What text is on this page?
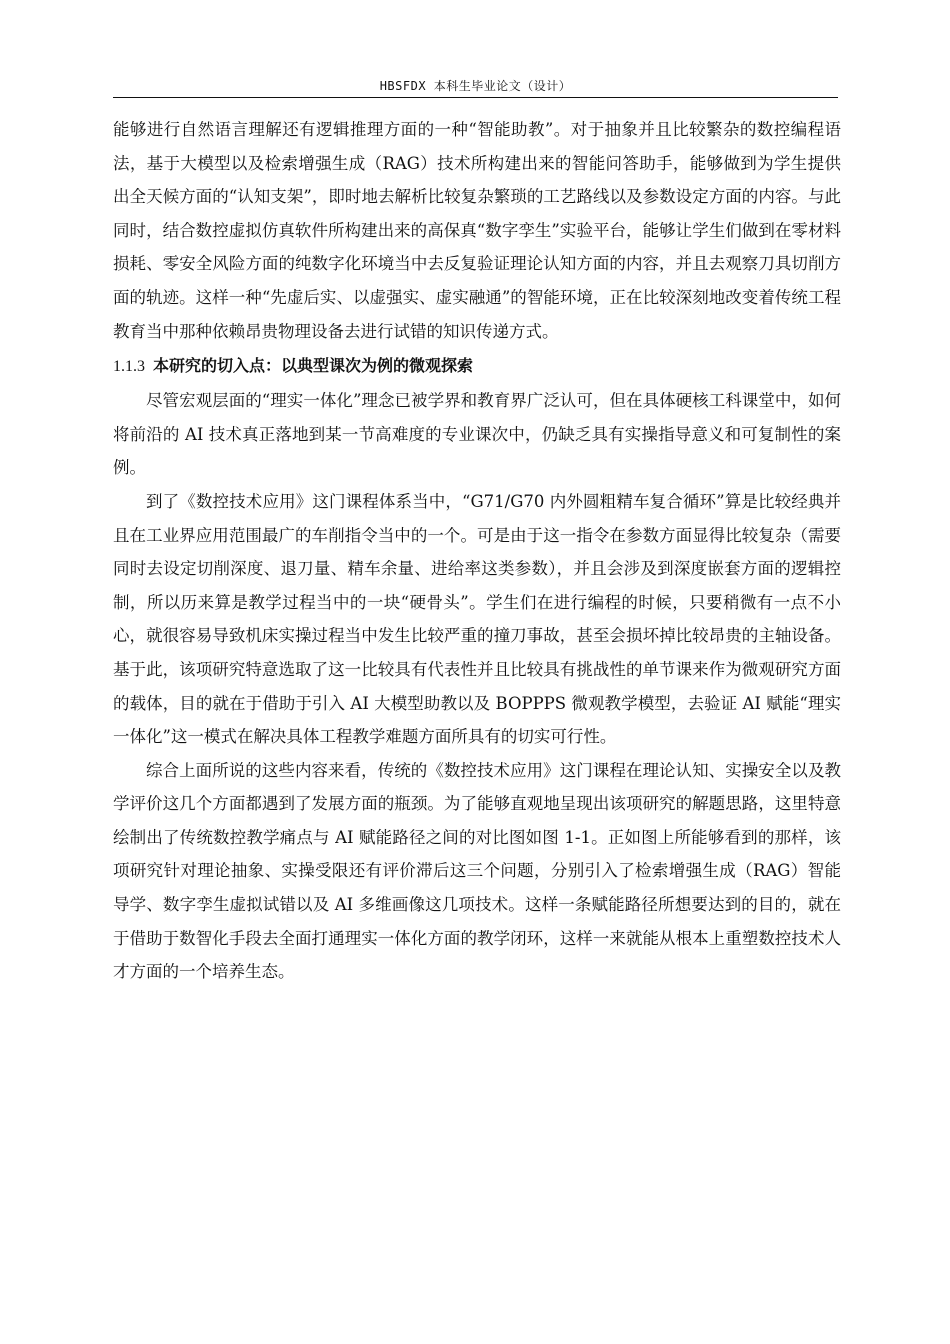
HBSFDX 本科生毕业论文（设计）

能够进行自然语言理解还有逻辑推理方面的一种“智能助教”。对于抽象并且比较繁杂的数控编程语法，基于大模型以及检索增强生成（RAG）技术所构建出来的智能问答助手，能够做到为学生提供出全天候方面的“认知支架”，即时地去解析比较复杂繁琐的工艺路线以及参数设定方面的内容。与此同时，结合数控虚拟仿真软件所构建出来的高保真“数字孪生”实验平台，能够让学生们做到在零材料损耗、零安全风险方面的纯数字化环境当中去反复验证理论认知方面的内容，并且去观察刀具切削方面的轨迹。这样一种“先虚后实、以虚强实、虚实融通”的智能环境，正在比较深刻地改变着传统工程教育当中那种依赖昂贵物理设备去进行试错的知识传递方式。

1.1.3 本研究的切入点：以典型课次为例的微观探索

尽管宏观层面的“理实一体化”理念已被学界和教育界广泛认可，但在具体硬核工科课堂中，如何将前沿的 AI 技术真正落地到某一节高难度的专业课次中，仍缺乏具有实操指导意义和可复制性的案例。

到了《数控技术应用》这门课程体系当中，“G71/G70 内外圆粗精车复合循环”算是比较经典并且在工业界应用范围最广的车削指令当中的一个。可是由于这一指令在参数方面显得比较复杂（需要同时去设定切削深度、退刀量、精车余量、进给率这类参数），并且会涉及到深度嵌套方面的逻辑控制，所以历来算是教学过程当中的一块“硬骨头”。学生们在进行编程的时候，只要稍微有一点不小心，就很容易导致机床实操过程当中发生比较严重的撞刀事故，甚至会损坏掉比较昂贵的主轴设备。基于此，该项研究特意选取了这一比较具有代表性并且比较具有挑战性的单节课来作为微观研究方面的载体，目的就在于借助于引入 AI 大模型助教以及 BOPPPS 微观教学模型，去验证 AI 赋能“理实一体化”这一模式在解决具体工程教学难题方面所具有的切实可行性。

综合上面所说的这些内容来看，传统的《数控技术应用》这门课程在理论认知、实操安全以及教学评价这几个方面都遇到了发展方面的瓶颈。为了能够直观地呈现出该项研究的解题思路，这里特意绘制出了传统数控教学痛点与 AI 赋能路径之间的对比图如图 1-1。正如图上所能够看到的那样，该项研究针对理论抽象、实操受限还有评价滞后这三个问题，分别引入了检索增强生成（RAG）智能导学、数字孪生虚拟试错以及 AI 多维画像这几项技术。这样一条赋能路径所想要达到的目的，就在于借助于数智化手段去全面打通理实一体化方面的教学闭环，这样一来就能从根本上重塑数控技术人才方面的一个培养生态。
